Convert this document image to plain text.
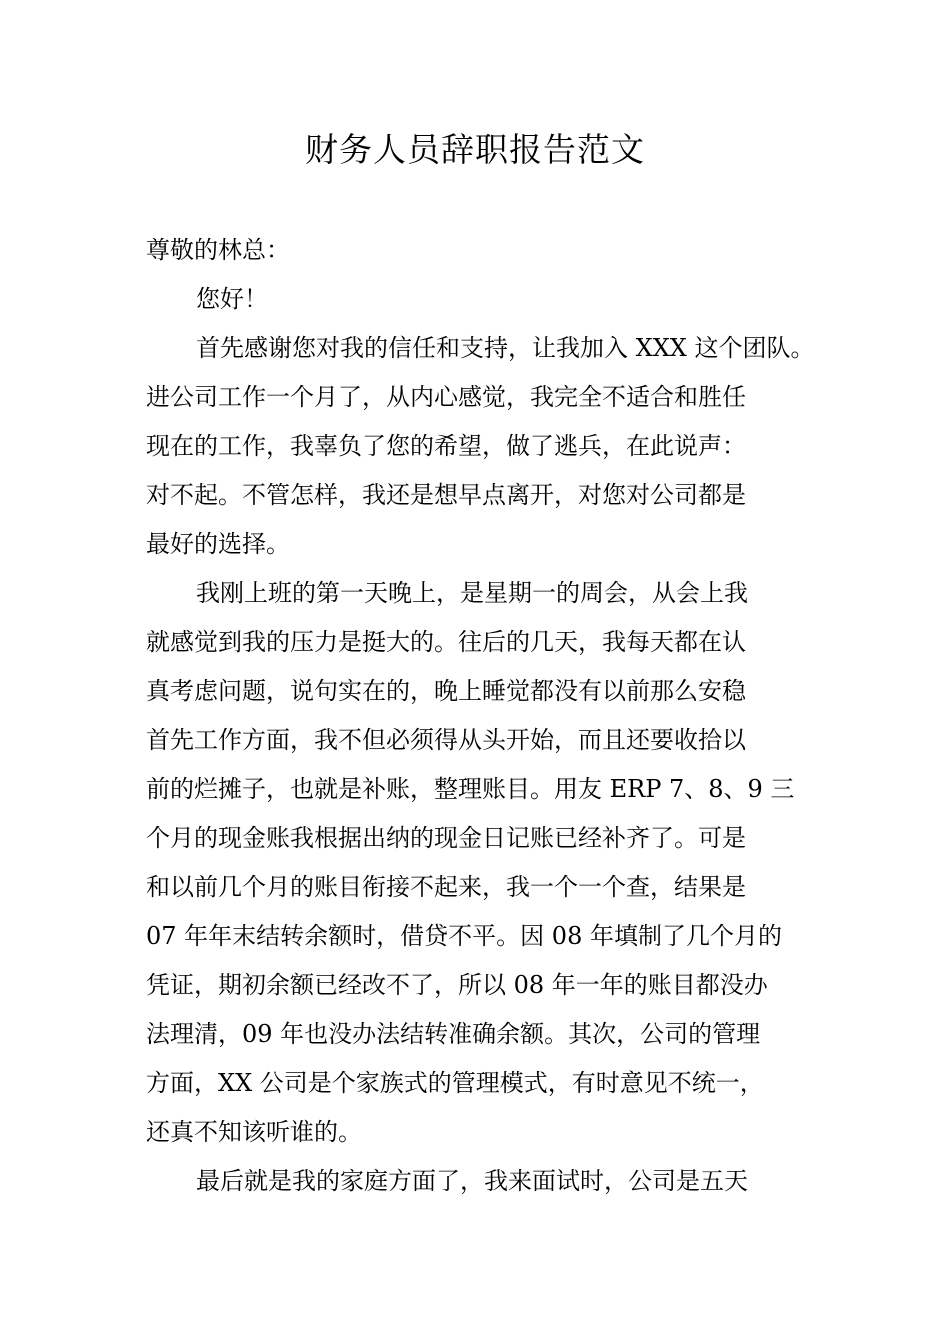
财务人员辞职报告范文
尊敬的林总：
您好！
首先感谢您对我的信任和支持，让我加入 XXX 这个团队。
进公司工作一个月了，从内心感觉，我完全不适合和胜任
现在的工作，我辜负了您的希望，做了逃兵，在此说声：
对不起。不管怎样，我还是想早点离开，对您对公司都是
最好的选择。
我刚上班的第一天晚上，是星期一的周会，从会上我
就感觉到我的压力是挺大的。往后的几天，我每天都在认
真考虑问题，说句实在的，晚上睡觉都没有以前那么安稳
首先工作方面，我不但必须得从头开始，而且还要收拾以
前的烂摊子，也就是补账，整理账目。用友 ERP 7、8、9 三
个月的现金账我根据出纳的现金日记账已经补齐了。可是
和以前几个月的账目衔接不起来，我一个一个查，结果是
07 年年末结转余额时，借贷不平。因 08 年填制了几个月的
凭证，期初余额已经改不了，所以 08 年一年的账目都没办
法理清，09 年也没办法结转准确余额。其次，公司的管理
方面，XX 公司是个家族式的管理模式，有时意见不统一，
还真不知该听谁的。
最后就是我的家庭方面了，我来面试时，公司是五天
